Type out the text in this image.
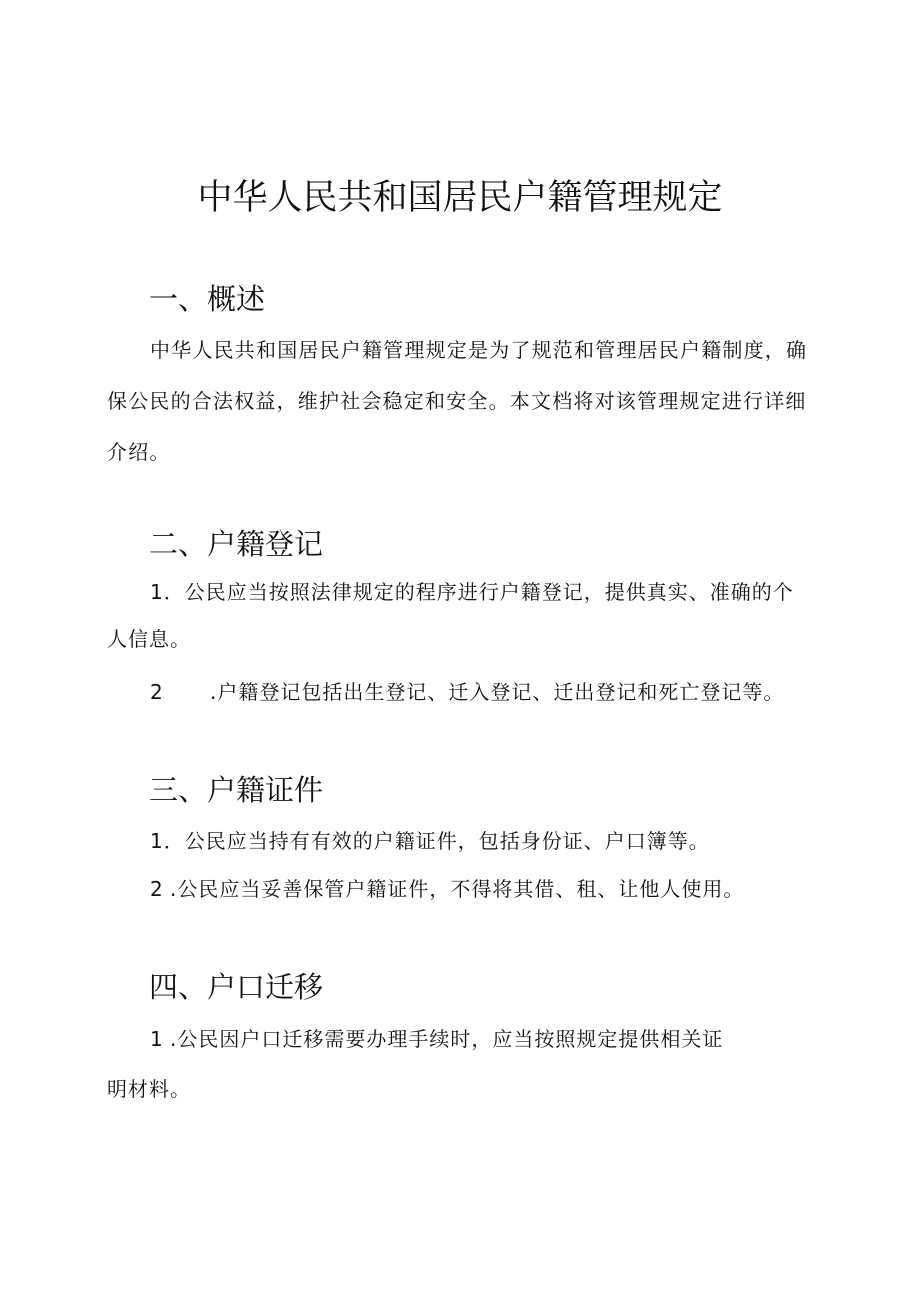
中华人民共和国居民户籍管理规定
一、概述

中华人民共和国居民户籍管理规定是为了规范和管理居民户籍制度，确保公民的合法权益，维护社会稳定和安全。本文档将对该管理规定进行详细介绍。

二、户籍登记
1．公民应当按照法律规定的程序进行户籍登记，提供真实、准确的个
人信息。
2 .户籍登记包括出生登记、迁入登记、迁出登记和死亡登记等。
三、户籍证件
1．公民应当持有有效的户籍证件，包括身份证、户口簿等。
2 .公民应当妥善保管户籍证件，不得将其借、租、让他人使用。
四、户口迁移
1 .公民因户口迁移需要办理手续时，应当按照规定提供相关证
明材料。
